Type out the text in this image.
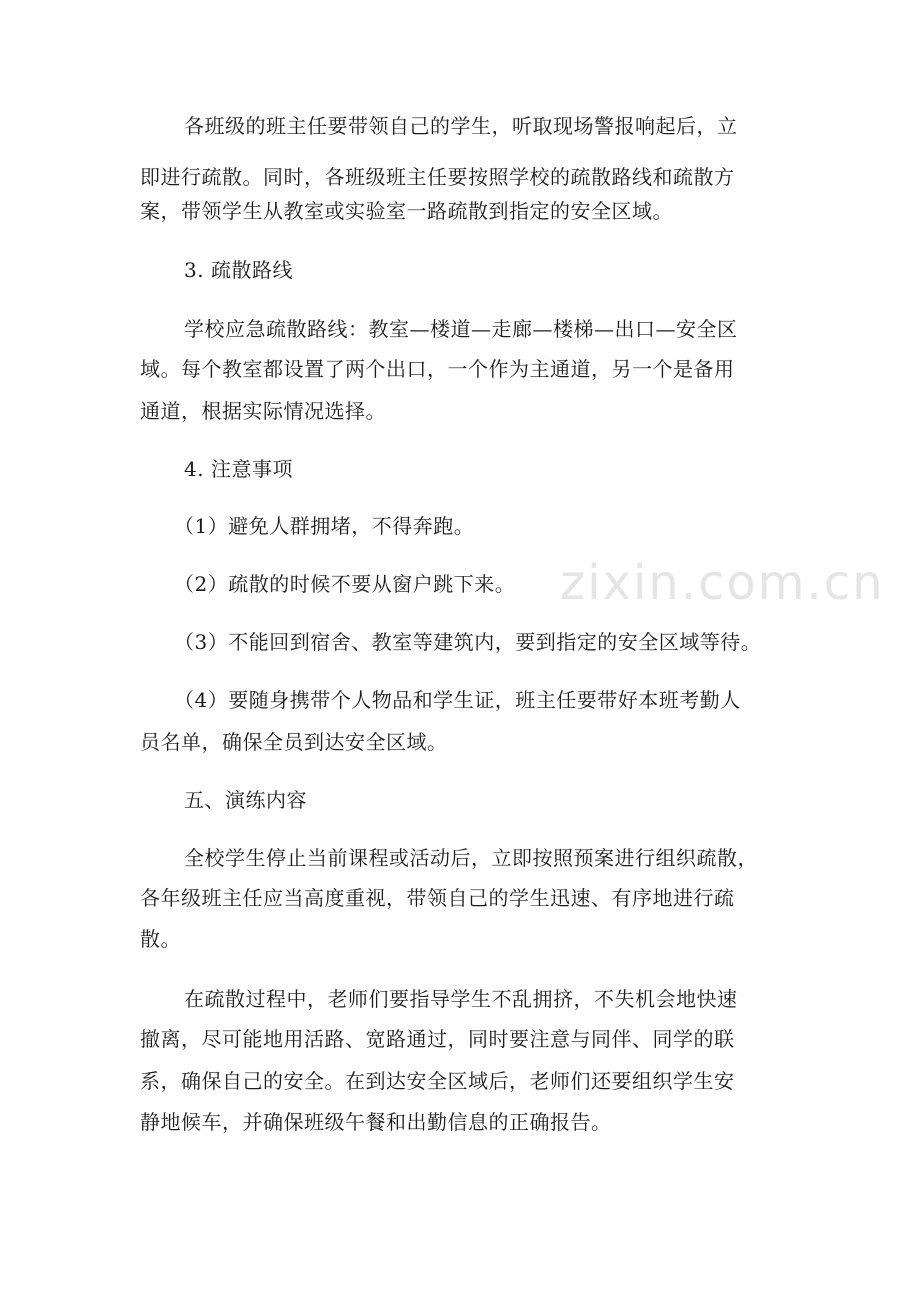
zixin.com.cn
各班级的班主任要带领自己的学生，听取现场警报响起后，立
即进行疏散。同时，各班级班主任要按照学校的疏散路线和疏散方
案，带领学生从教室或实验室一路疏散到指定的安全区域。
3. 疏散路线
学校应急疏散路线：教室—楼道—走廊—楼梯—出口—安全区
域。每个教室都设置了两个出口，一个作为主通道，另一个是备用
通道，根据实际情况选择。
4. 注意事项
（1）避免人群拥堵，不得奔跑。
（2）疏散的时候不要从窗户跳下来。
（3）不能回到宿舍、教室等建筑内，要到指定的安全区域等待。
（4）要随身携带个人物品和学生证，班主任要带好本班考勤人
员名单，确保全员到达安全区域。
五、演练内容
全校学生停止当前课程或活动后，立即按照预案进行组织疏散，
各年级班主任应当高度重视，带领自己的学生迅速、有序地进行疏
散。
在疏散过程中，老师们要指导学生不乱拥挤，不失机会地快速
撤离，尽可能地用活路、宽路通过，同时要注意与同伴、同学的联
系，确保自己的安全。在到达安全区域后，老师们还要组织学生安
静地候车，并确保班级午餐和出勤信息的正确报告。
